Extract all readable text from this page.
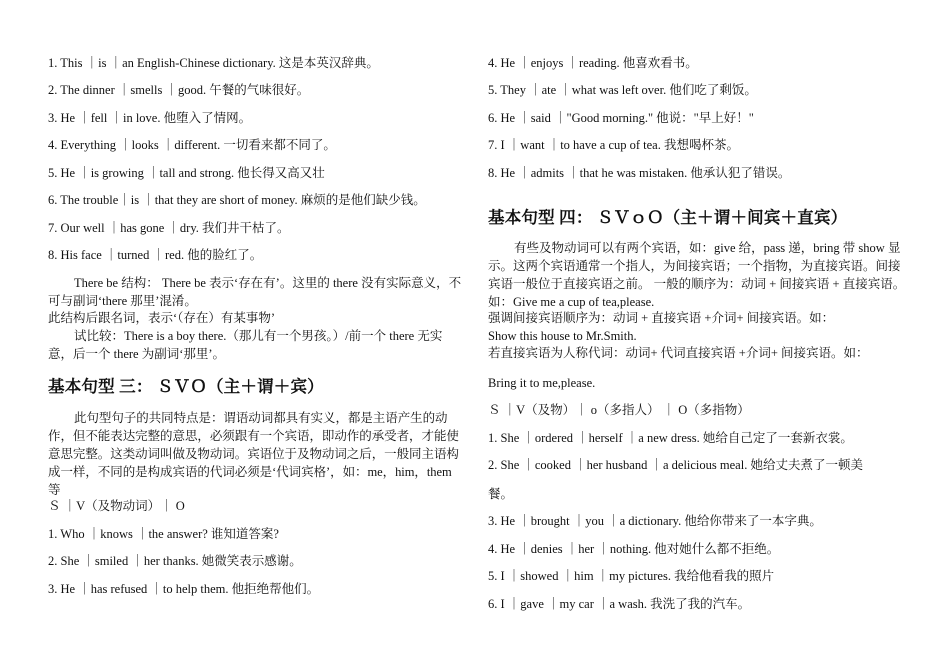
1. This ｜is ｜an English-Chinese dictionary. 这是本英汉辞典。
2. The dinner ｜smells ｜good. 午餐的气味很好。
3. He ｜fell ｜in love. 他堕入了情网。
4. Everything ｜looks ｜different. 一切看来都不同了。
5. He ｜is growing ｜tall and strong. 他长得又高又壮
6. The trouble｜is ｜that they are short of money. 麻烦的是他们缺少钱。
7. Our well ｜has gone ｜dry. 我们井干枯了。
8. His face ｜turned ｜red. 他的脸红了。
There be 结构： There be 表示‘存在有’。这里的 there 没有实际意义，不可与副词‘there 那里’混淆。
此结构后跟名词，表示‘（存在）有某事物’
试比较：There is a boy there.（那儿有一个男孩。）/前一个 there 无实意，后一个 there 为副词‘那里’。
基本句型 三： ＳＶＯ（主＋谓＋宾）
此句型句子的共同特点是：谓语动词都具有实义，都是主语产生的动作，但不能表达完整的意思，必须跟有一个宾语，即动作的承受者，才能使意思完整。这类动词叫做及物动词。宾语位于及物动词之后，一般同主语构成一样，不同的是构成宾语的代词必须是‘代词宾格’，如：me，him，them 等
Ｓ ｜V（及物动词）｜ O
1. Who ｜knows ｜the answer? 谁知道答案?
2. She ｜smiled ｜her thanks. 她微笑表示感谢。
3. He ｜has refused ｜to help them. 他拒绝帮他们。
4. He ｜enjoys ｜reading. 他喜欢看书。
5. They ｜ate ｜what was left over. 他们吃了剩饭。
6. He ｜said ｜"Good morning." 他说："早上好！"
7. I ｜want ｜to have a cup of tea. 我想喝杯茶。
8. He ｜admits ｜that he was mistaken. 他承认犯了错误。
基本句型 四： ＳＶｏＯ（主＋谓＋间宾＋直宾）
有些及物动词可以有两个宾语，如：give 给，pass 递，bring 带 show 显示。这两个宾语通常一个指人，为间接宾语；一个指物，为直接宾语。间接宾语一般位于直接宾语之前。 一般的顺序为：动词 + 间接宾语 + 直接宾语。如：Give me a cup of tea,please.
强调间接宾语顺序为：动词 + 直接宾语 +介词+ 间接宾语。如：
Show this house to Mr.Smith.
若直接宾语为人称代词：动词+ 代词直接宾语 +介词+ 间接宾语。如：
Bring it to me,please.
Ｓ ｜V（及物）｜ o（多指人） ｜ O（多指物）
1. She ｜ordered ｜herself ｜a new dress. 她给自己定了一套新衣裳。
2. She ｜cooked ｜her husband ｜a delicious meal. 她给丈夫煮了一顿美
餐。
3. He ｜brought ｜you ｜a dictionary. 他给你带来了一本字典。
4. He ｜denies ｜her ｜nothing. 他对她什么都不拒绝。
5. I ｜showed ｜him ｜my pictures. 我给他看我的照片
6. I ｜gave ｜my car ｜a wash. 我洗了我的汽车。
